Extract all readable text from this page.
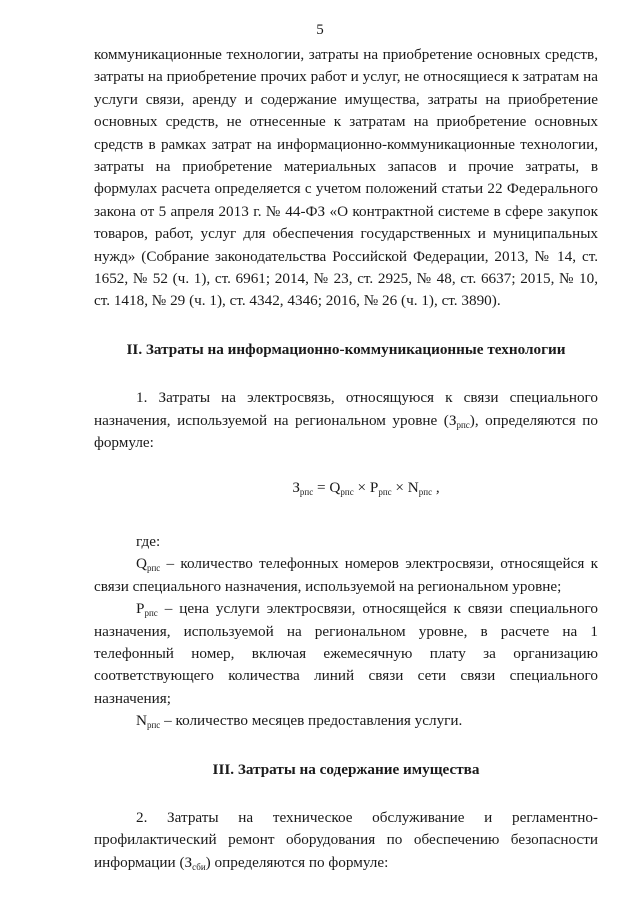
5

коммуникационные технологии, затраты на приобретение основных средств, затраты на приобретение прочих работ и услуг, не относящиеся к затратам на услуги связи, аренду и содержание имущества, затраты на приобретение основных средств, не отнесенные к затратам на приобретение основных средств в рамках затрат на информационно-коммуникационные технологии, затраты на приобретение материальных запасов и прочие затраты, в формулах расчета определяется с учетом положений статьи 22 Федерального закона от 5 апреля 2013 г. № 44-ФЗ «О контрактной системе в сфере закупок товаров, работ, услуг для обеспечения государственных и муниципальных нужд» (Собрание законодательства Российской Федерации, 2013, № 14, ст. 1652, № 52 (ч. 1), ст. 6961; 2014, № 23, ст. 2925, № 48, ст. 6637; 2015, № 10, ст. 1418, № 29 (ч. 1), ст. 4342, 4346; 2016, № 26 (ч. 1), ст. 3890).

II. Затраты на информационно-коммуникационные технологии

1. Затраты на электросвязь, относящуюся к связи специального назначения, используемой на региональном уровне $(З_{рпс})$, определяются по формуле:

$З_{рпс} = Q_{рпс} \times P_{рпс} \times N_{рпс}$ ,

где:

$Q_{рпс}$ – количество телефонных номеров электросвязи, относящейся к связи специального назначения, используемой на региональном уровне;

$P_{рпс}$ – цена услуги электросвязи, относящейся к связи специального назначения, используемой на региональном уровне, в расчете на 1 телефонный номер, включая ежемесячную плату за организацию соответствующего количества линий связи сети связи специального назначения;

$N_{рпс}$ – количество месяцев предоставления услуги.

III. Затраты на содержание имущества

2. Затраты на техническое обслуживание и регламентно-профилактический ремонт оборудования по обеспечению безопасности информации $(З_{сби})$ определяются по формуле:
